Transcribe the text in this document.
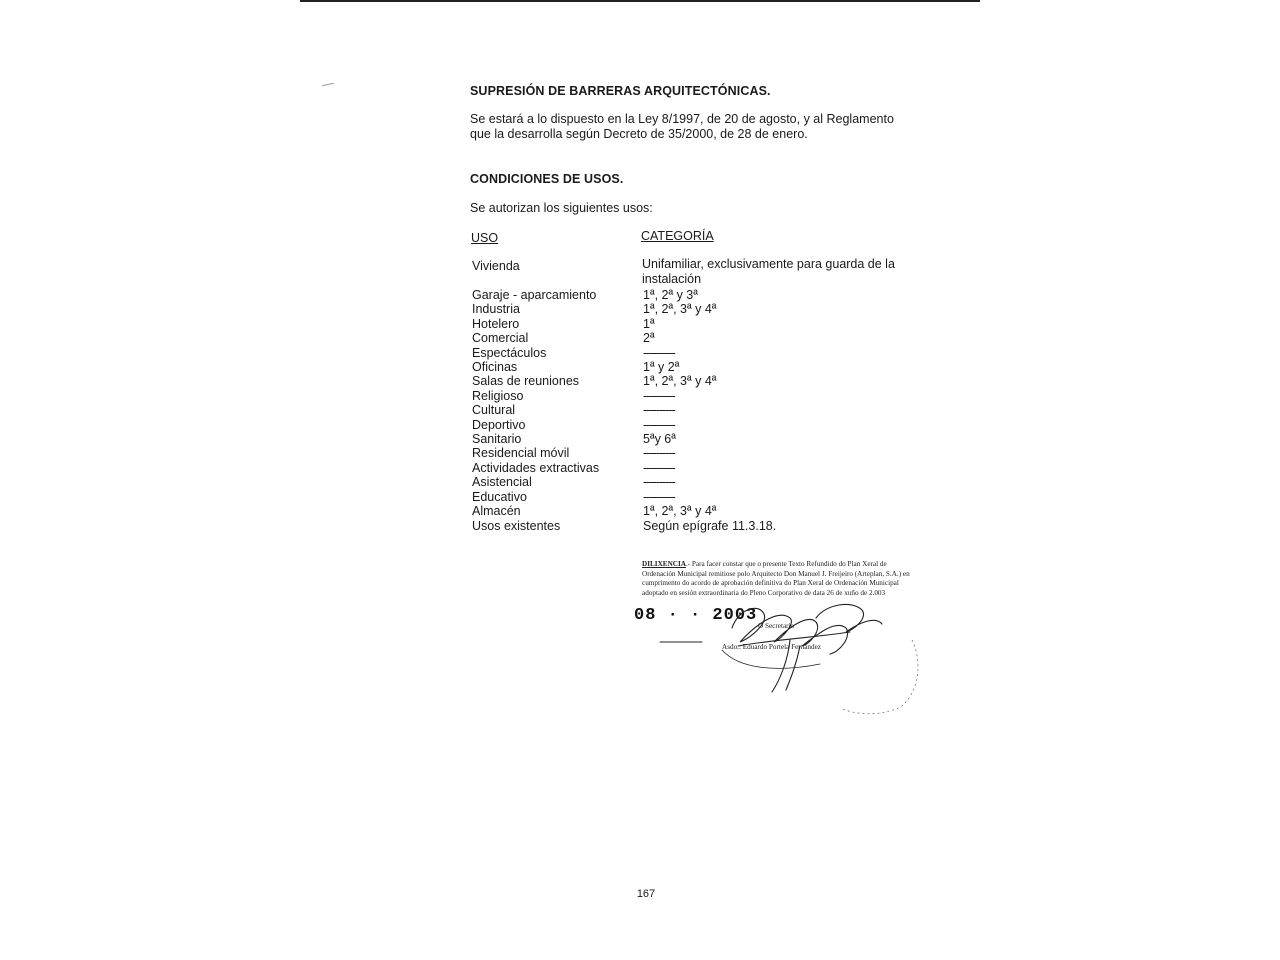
SUPRESIÓN DE BARRERAS ARQUITECTÓNICAS.
Se estará a lo dispuesto en la Ley 8/1997, de 20 de agosto, y al Reglamento
que la desarrolla según Decreto de 35/2000, de 28 de enero.
CONDICIONES DE USOS.
Se autorizan los siguientes usos:
USO	CATEGORÍA
Vivienda	Unifamiliar, exclusivamente para guarda de la
instalación
Garaje - aparcamiento
Industria
Hotelero
Comercial
Espectáculos
Oficinas
Salas de reuniones
Religioso
Cultural
Deportivo
Sanitario
Residencial móvil
Actividades extractivas
Asistencial
Educativo
Almacén
Usos existentes
1ª, 2ª y 3ª
1ª, 2ª, 3ª y 4ª
1ª
2ª
----------
1ª y 2ª
1ª, 2ª, 3ª y 4ª
----------
----------
----------
5ªy 6ª
----------
----------
----------
----------
1ª, 2ª, 3ª y 4ª
Según epígrafe 11.3.18.
DILIXENCIA.- Para facer constar que o presente Texto Refundido do Plan Xeral de Ordenación Municipal remitiose polo Arquitecto Don Manuel J. Freijeiro (Arteplan, S.A.) en cumprimento do acordo de aprobación definitiva do Plan Xeral de Ordenación Municipal adoptado en sesión extraordinaria do Pleno Corporativo de data 26 de xuño de 2.003
08 · · 2003
O Secretario
Asdo.: Eduardo Portela Fernández
167
